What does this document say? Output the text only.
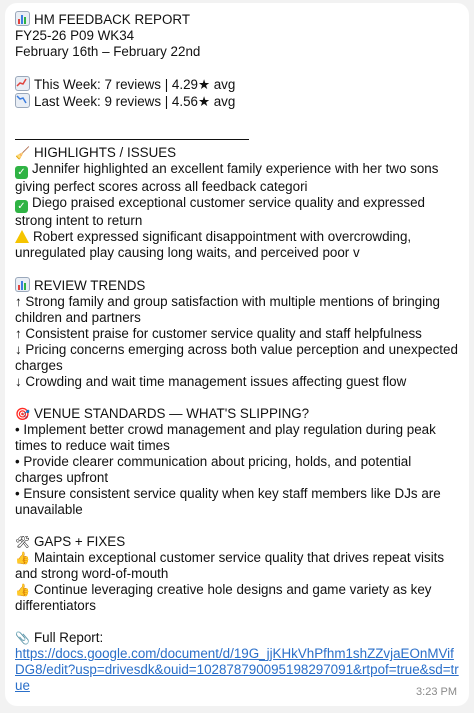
HM FEEDBACK REPORT
FY25-26 P09 WK34
February 16th – February 22nd
This Week: 7 reviews | 4.29★ avg
Last Week: 9 reviews | 4.56★ avg
🧹 HIGHLIGHTS / ISSUES
✓ Jennifer highlighted an excellent family experience with her two sons giving perfect scores across all feedback categori
✓ Diego praised exceptional customer service quality and expressed strong intent to return
Robert expressed significant disappointment with overcrowding, unregulated play causing long waits, and perceived poor v
REVIEW TRENDS
↑ Strong family and group satisfaction with multiple mentions of bringing children and partners
↑ Consistent praise for customer service quality and staff helpfulness
↓ Pricing concerns emerging across both value perception and unexpected charges
↓ Crowding and wait time management issues affecting guest flow
🎯 VENUE STANDARDS — WHAT'S SLIPPING?
• Implement better crowd management and play regulation during peak times to reduce wait times
• Provide clearer communication about pricing, holds, and potential charges upfront
• Ensure consistent service quality when key staff members like DJs are unavailable
🛠 GAPS + FIXES
👍 Maintain exceptional customer service quality that drives repeat visits and strong word-of-mouth
👍 Continue leveraging creative hole designs and game variety as key differentiators
📎 Full Report:
https://docs.google.com/document/d/19G_jjKHkVhPfhm1shZZvjaEOnMVifDG8/edit?usp=drivesdk&ouid=102878790095198297091&rtpof=true&sd=true	3:23 PM
